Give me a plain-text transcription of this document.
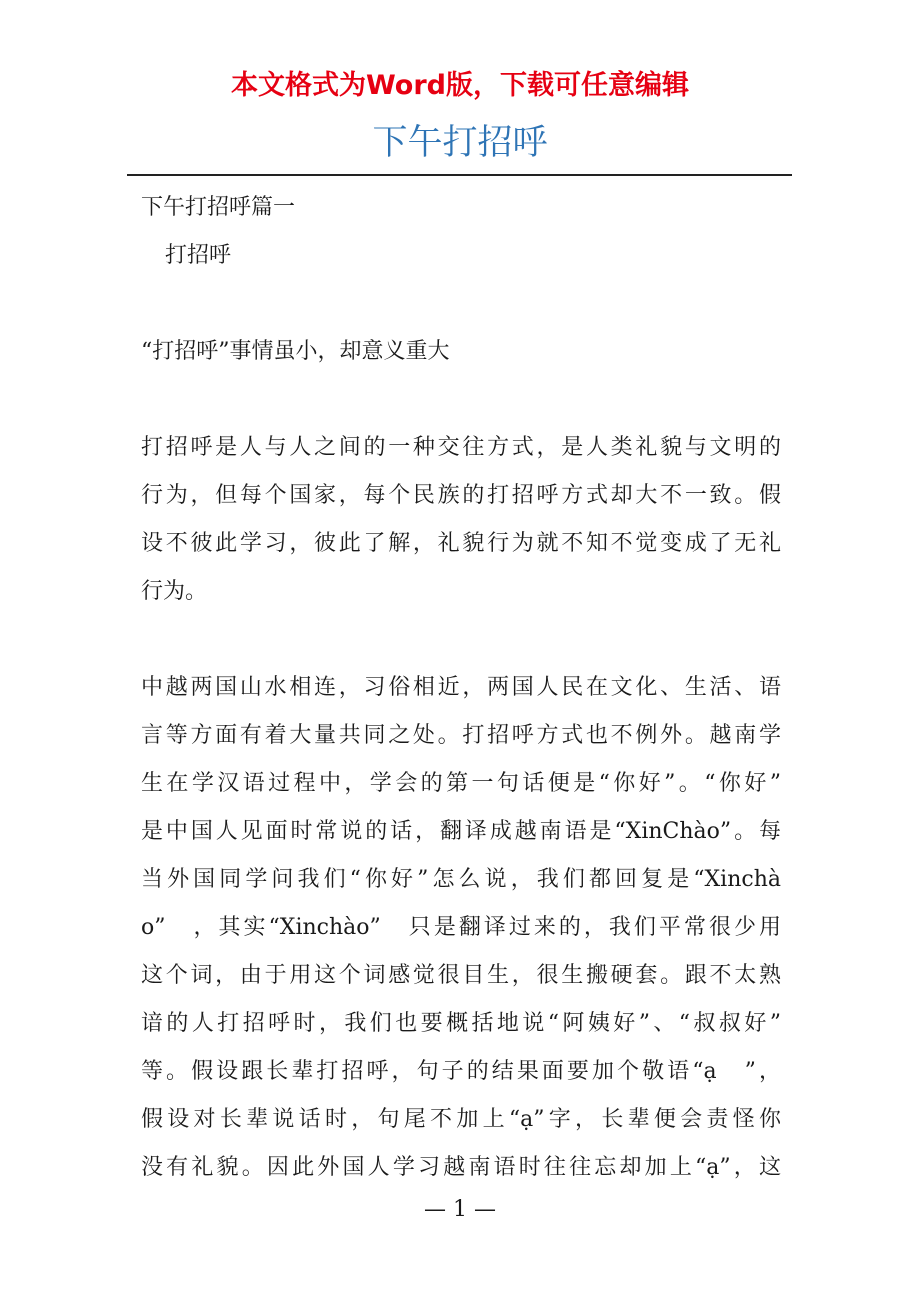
本文格式为Word版，下载可任意编辑
下午打招呼
下午打招呼篇一
打招呼
“打招呼”事情虽小，却意义重大
打招呼是人与人之间的一种交往方式，是人类礼貌与文明的
行为，但每个国家，每个民族的打招呼方式却大不一致。假
设不彼此学习，彼此了解，礼貌行为就不知不觉变成了无礼
行为。
中越两国山水相连，习俗相近，两国人民在文化、生活、语
言等方面有着大量共同之处。打招呼方式也不例外。越南学
生在学汉语过程中，学会的第一句话便是“你好”。“你好”
是中国人见面时常说的话，翻译成越南语是“XinChào”。每
当外国同学问我们“你好”怎么说，我们都回复是“Xinchà
o”　，其实“Xinchào”　只是翻译过来的，我们平常很少用
这个词，由于用这个词感觉很目生，很生搬硬套。跟不太熟
谙的人打招呼时，我们也要概括地说“阿姨好”、“叔叔好”
等。假设跟长辈打招呼，句子的结果面要加个敬语“ạ　”，
假设对长辈说话时，句尾不加上“ạ”字，长辈便会责怪你
没有礼貌。因此外国人学习越南语时往往忘却加上“ạ”，这
— 1 —
